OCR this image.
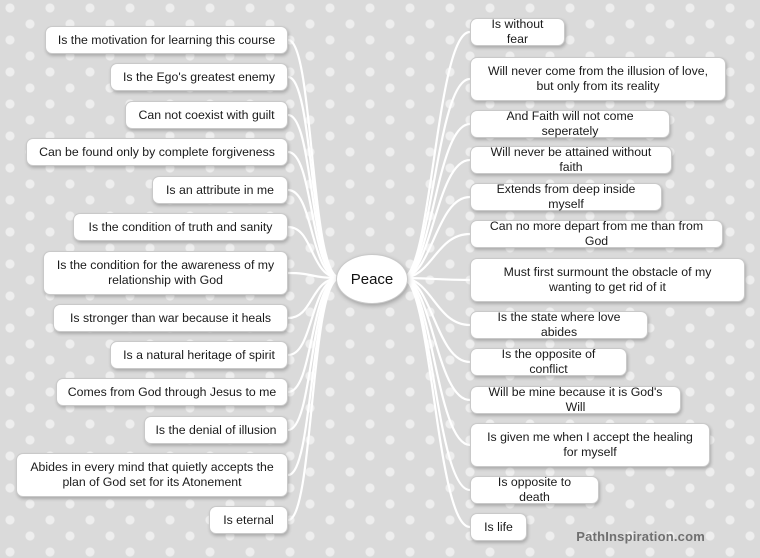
Peace
Is the motivation for learning this course
Is the Ego's greatest enemy
Can not coexist with guilt
Can be found only by complete forgiveness
Is an attribute in me
Is the condition of truth and sanity
Is the condition for the awareness of my relationship with God
Is stronger than war because it heals
Is a natural heritage of spirit
Comes from God through Jesus to me
Is the denial of illusion
Abides in every mind that quietly accepts the plan of God set for its Atonement
Is eternal
Is without fear
Will never come from the illusion of love, but only from its reality
And Faith will not come seperately
Will never be attained without faith
Extends from deep inside myself
Can no more depart from me than from God
Must first surmount the obstacle of my wanting to get rid of it
Is the state where love abides
Is the opposite of conflict
Will be mine because it is God's Will
Is given me when I accept the healing for myself
Is opposite to death
Is life
PathInspiration.com
